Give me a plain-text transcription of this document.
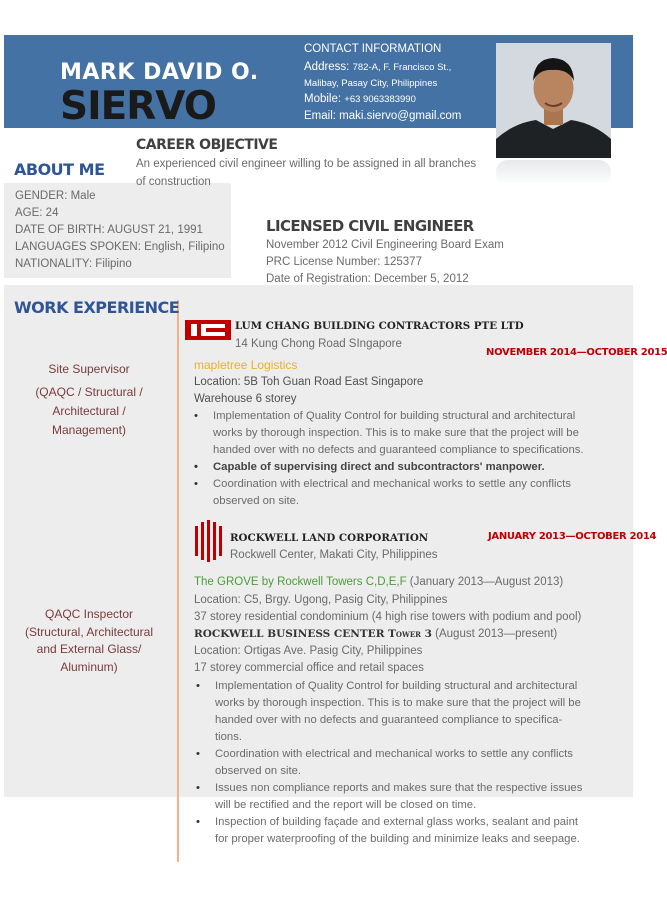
MARK DAVID O.
SIERVO
CONTACT INFORMATION
Address: 782-A, F. Francisco St.,
Malibay, Pasay City, Philippines
Mobile: +63 9063383990
Email: maki.siervo@gmail.com
CAREER OBJECTIVE
An experienced civil engineer willing to be assigned in all branches
ABOUT ME
of construction
GENDER: Male
AGE: 24
DATE OF BIRTH: AUGUST 21, 1991
LANGUAGES SPOKEN: English, Filipino
NATIONALITY: Filipino
LICENSED CIVIL ENGINEER
November 2012 Civil Engineering Board Exam
PRC License Number: 125377
Date of Registration: December 5, 2012
WORK EXPERIENCE
Site Supervisor
(QAQC / Structural /
Architectural /
Management)
LUM CHANG BUILDING CONTRACTORS PTE LTD
14 Kung Chong Road SIngapore
NOVEMBER 2014—OCTOBER 2015
mapletree Logistics
Location: 5B Toh Guan Road East Singapore
Warehouse 6 storey
• Implementation of Quality Control for building structural and architectural
works by thorough inspection. This is to make sure that the project will be
handed over with no defects and guaranteed compliance to specifications.
• Capable of supervising direct and subcontractors' manpower.
• Coordination with electrical and mechanical works to settle any conflicts
observed on site.
ROCKWELL LAND CORPORATION
Rockwell Center, Makati City, Philippines
JANUARY 2013—OCTOBER 2014
QAQC Inspector
(Structural, Architectural
and External Glass/
Aluminum)
The GROVE by Rockwell Towers C,D,E,F (January 2013—August 2013)
Location: C5, Brgy. Ugong, Pasig City, Philippines
37 storey residential condominium (4 high rise towers with podium and pool)
ROCKWELL BUSINESS CENTER Tower 3 (August 2013—present)
Location: Ortigas Ave. Pasig City, Philippines
17 storey commercial office and retail spaces
• Implementation of Quality Control for building structural and architectural
works by thorough inspection. This is to make sure that the project will be
handed over with no defects and guaranteed compliance to specifica-
tions.
• Coordination with electrical and mechanical works to settle any conflicts
observed on site.
• Issues non compliance reports and makes sure that the respective issues
will be rectified and the report will be closed on time.
• Inspection of building façade and external glass works, sealant and paint
for proper waterproofing of the building and minimize leaks and seepage.
